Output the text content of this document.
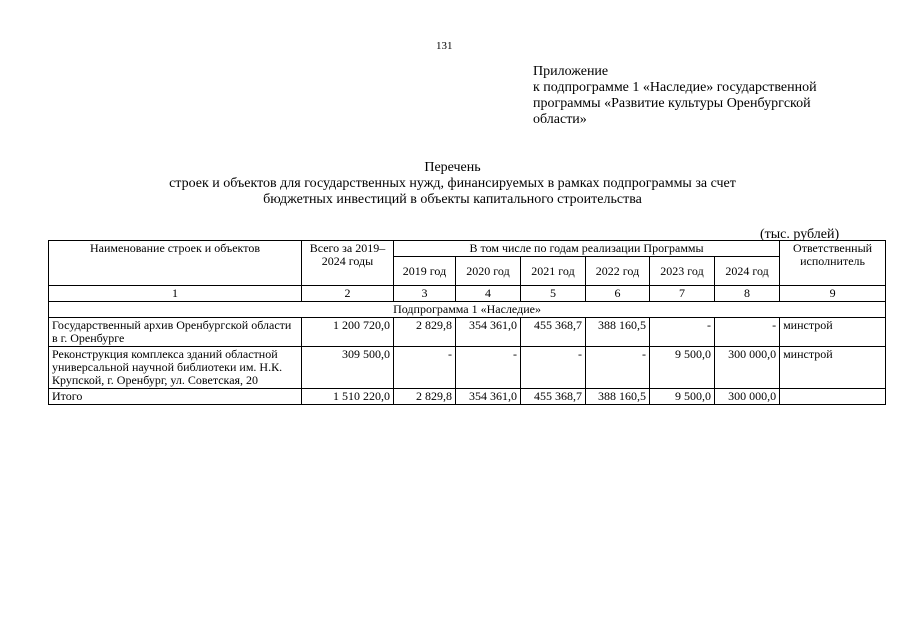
131
Приложение
к подпрограмме 1 «Наследие» государственной
программы «Развитие культуры Оренбургской
области»
Перечень
строек и объектов для государственных нужд, финансируемых в рамках подпрограммы за счет
бюджетных инвестиций в объекты капитального строительства
(тыс. рублей)
Наименование строек и объектов	Всего за 2019–2024 годы	В том числе по годам реализации Программы						Ответственный исполнитель
		2019 год	2020 год	2021 год	2022 год	2023 год	2024 год	
1	2	3	4	5	6	7	8	9
Подпрограмма 1 «Наследие»								
Государственный архив Оренбургской области в г. Оренбурге	1 200 720,0	2 829,8	354 361,0	455 368,7	388 160,5	-	-	минстрой
Реконструкция комплекса зданий областной универсальной научной библиотеки им. Н.К. Крупской, г. Оренбург, ул. Советская, 20	309 500,0	-	-	-	-	9 500,0	300 000,0	минстрой
Итого	1 510 220,0	2 829,8	354 361,0	455 368,7	388 160,5	9 500,0	300 000,0	
